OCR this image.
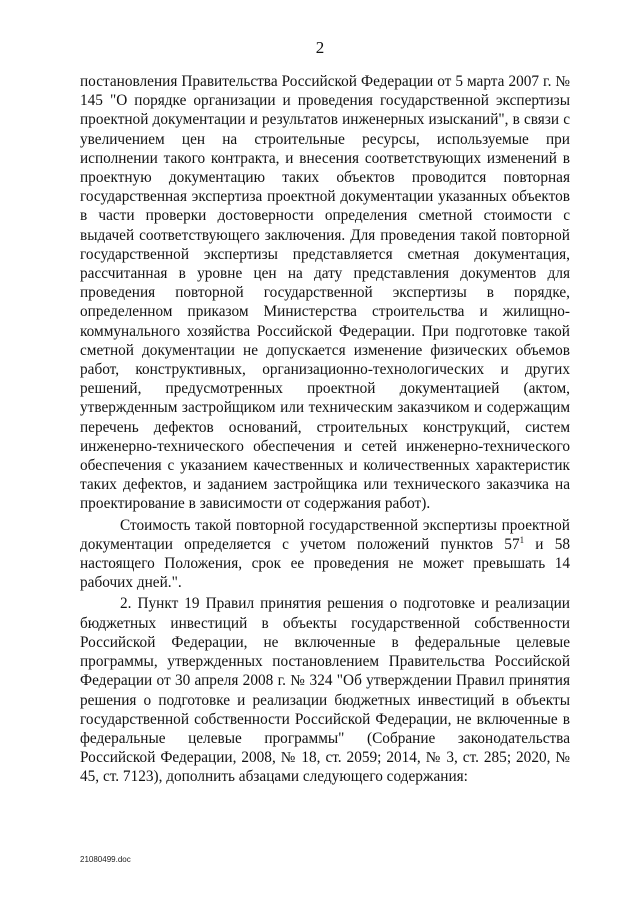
2

постановления Правительства Российской Федерации от 5 марта 2007 г. № 145 "О порядке организации и проведения государственной экспертизы проектной документации и результатов инженерных изысканий", в связи с увеличением цен на строительные ресурсы, используемые при исполнении такого контракта, и внесения соответствующих изменений в проектную документацию таких объектов проводится повторная государственная экспертиза проектной документации указанных объектов в части проверки достоверности определения сметной стоимости с выдачей соответствующего заключения. Для проведения такой повторной государственной экспертизы представляется сметная документация, рассчитанная в уровне цен на дату представления документов для проведения повторной государственной экспертизы в порядке, определенном приказом Министерства строительства и жилищно-коммунального хозяйства Российской Федерации. При подготовке такой сметной документации не допускается изменение физических объемов работ, конструктивных, организационно-технологических и других решений, предусмотренных проектной документацией (актом, утвержденным застройщиком или техническим заказчиком и содержащим перечень дефектов оснований, строительных конструкций, систем инженерно-технического обеспечения и сетей инженерно-технического обеспечения с указанием качественных и количественных характеристик таких дефектов, и заданием застройщика или технического заказчика на проектирование в зависимости от содержания работ).

Стоимость такой повторной государственной экспертизы проектной документации определяется с учетом положений пунктов $57^1$ и 58 настоящего Положения, срок ее проведения не может превышать 14 рабочих дней.".

2. Пункт 19 Правил принятия решения о подготовке и реализации бюджетных инвестиций в объекты государственной собственности Российской Федерации, не включенные в федеральные целевые программы, утвержденных постановлением Правительства Российской Федерации от 30 апреля 2008 г. № 324 "Об утверждении Правил принятия решения о подготовке и реализации бюджетных инвестиций в объекты государственной собственности Российской Федерации, не включенные в федеральные целевые программы" (Собрание законодательства Российской Федерации, 2008, № 18, ст. 2059; 2014, № 3, ст. 285; 2020, № 45, ст. 7123), дополнить абзацами следующего содержания:

21080499.doc
